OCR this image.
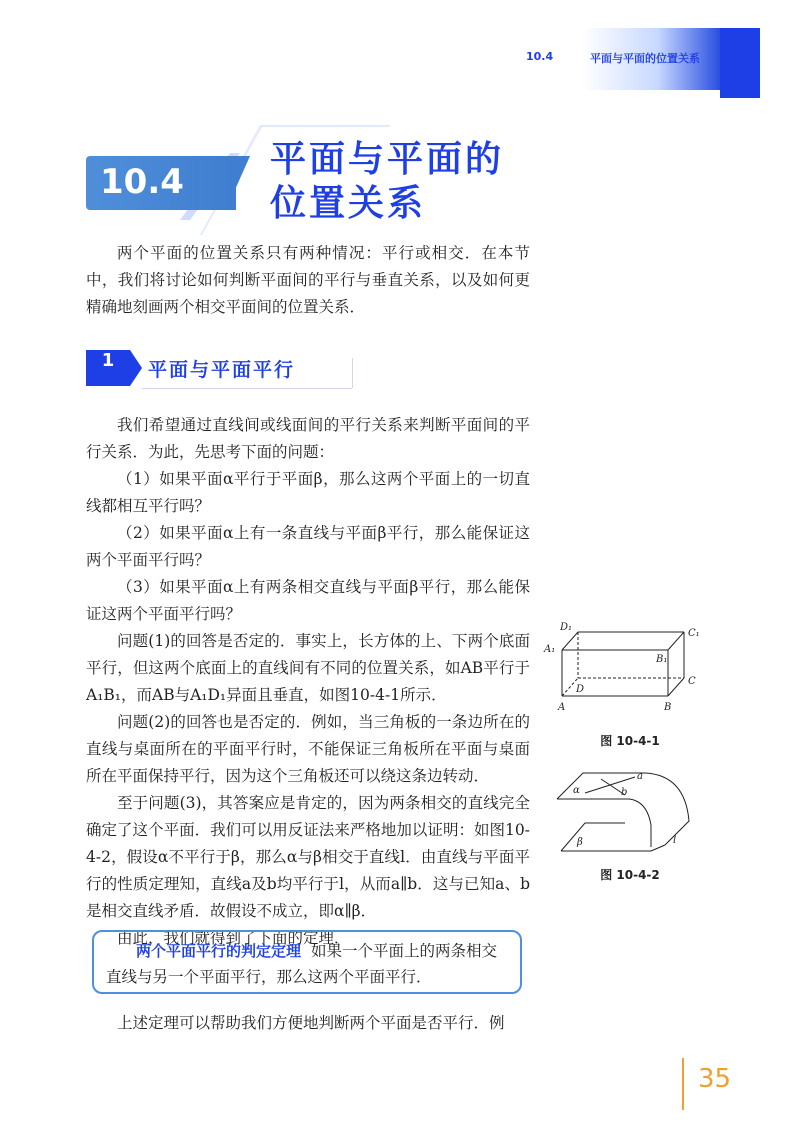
10.4	平面与平面的位置关系
10.4
平面与平面的
位置关系

两个平面的位置关系只有两种情况：平行或相交．在本节中，我们将讨论如何判断平面间的平行与垂直关系，以及如何更精确地刻画两个相交平面间的位置关系．

1	平面与平面平行

我们希望通过直线间或线面间的平行关系来判断平面间的平行关系．为此，先思考下面的问题：

（1）如果平面α平行于平面β，那么这两个平面上的一切直线都相互平行吗？

（2）如果平面α上有一条直线与平面β平行，那么能保证这两个平面平行吗？

（3）如果平面α上有两条相交直线与平面β平行，那么能保证这两个平面平行吗？

问题(1)的回答是否定的．事实上，长方体的上、下两个底面平行，但这两个底面上的直线间有不同的位置关系，如AB平行于A₁B₁，而AB与A₁D₁异面且垂直，如图10-4-1所示．

问题(2)的回答也是否定的．例如，当三角板的一条边所在的直线与桌面所在的平面平行时，不能保证三角板所在平面与桌面所在平面保持平行，因为这个三角板还可以绕这条边转动．

至于问题(3)，其答案应是肯定的，因为两条相交的直线完全确定了这个平面．我们可以用反证法来严格地加以证明：如图10-4-2，假设α不平行于β，那么α与β相交于直线l．由直线与平面平行的性质定理知，直线a及b均平行于l，从而a∥b．这与已知a、b是相交直线矛盾．故假设不成立，即α∥β．

由此，我们就得到了下面的定理．

两个平面平行的判定定理 如果一个平面上的两条相交直线与另一个平面平行，那么这两个平面平行．

上述定理可以帮助我们方便地判断两个平面是否平行．例

D₁
C₁
A₁
B₁
D
C
A	B
图 10-4-1
a
α	b
β	l
图 10-4-2
35
